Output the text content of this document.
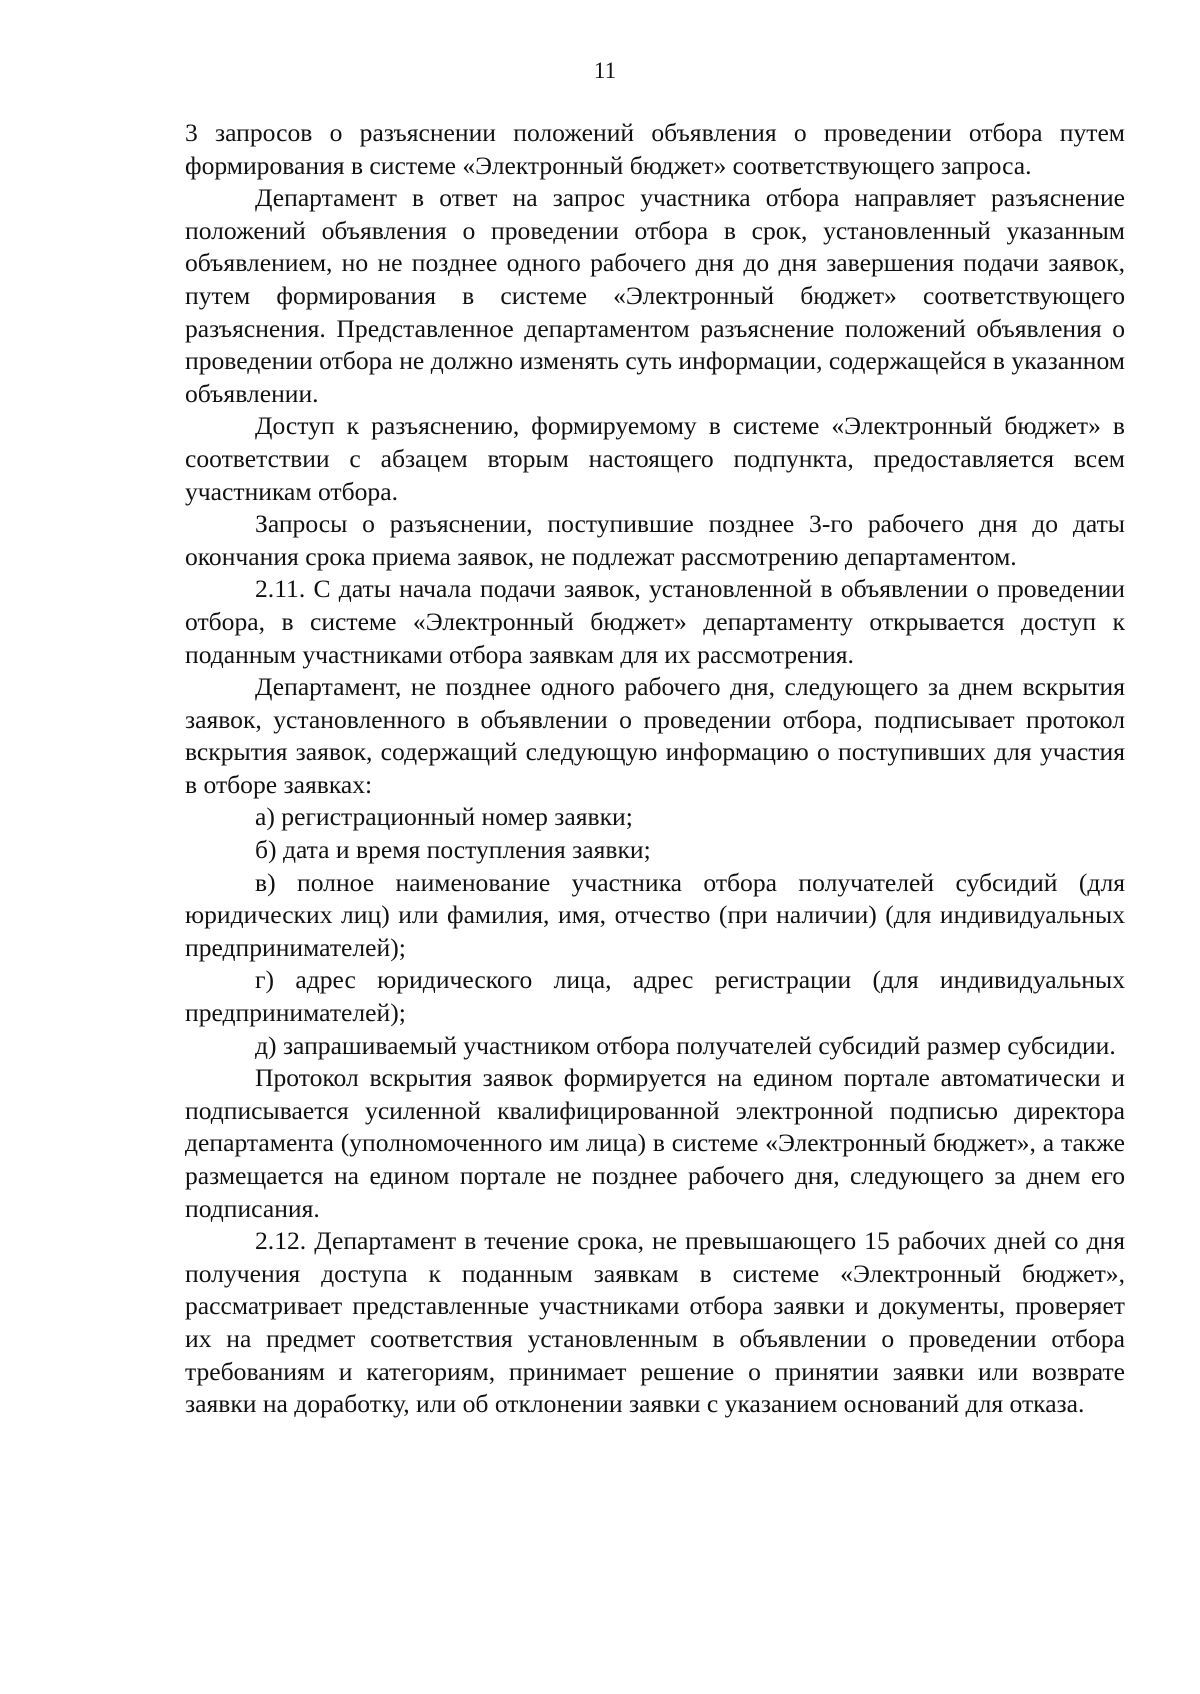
11

3 запросов о разъяснении положений объявления о проведении отбора путем формирования в системе «Электронный бюджет» соответствующего запроса.

Департамент в ответ на запрос участника отбора направляет разъяснение положений объявления о проведении отбора в срок, установленный указанным объявлением, но не позднее одного рабочего дня до дня завершения подачи заявок, путем формирования в системе «Электронный бюджет» соответствующего разъяснения. Представленное департаментом разъяснение положений объявления о проведении отбора не должно изменять суть информации, содержащейся в указанном объявлении.

Доступ к разъяснению, формируемому в системе «Электронный бюджет» в соответствии с абзацем вторым настоящего подпункта, предоставляется всем участникам отбора.

Запросы о разъяснении, поступившие позднее 3-го рабочего дня до даты окончания срока приема заявок, не подлежат рассмотрению департаментом.

2.11. С даты начала подачи заявок, установленной в объявлении о проведении отбора, в системе «Электронный бюджет» департаменту открывается доступ к поданным участниками отбора заявкам для их рассмотрения.

Департамент, не позднее одного рабочего дня, следующего за днем вскрытия заявок, установленного в объявлении о проведении отбора, подписывает протокол вскрытия заявок, содержащий следующую информацию о поступивших для участия в отборе заявках:

а) регистрационный номер заявки;

б) дата и время поступления заявки;

в) полное наименование участника отбора получателей субсидий (для юридических лиц) или фамилия, имя, отчество (при наличии) (для индивидуальных предпринимателей);

г) адрес юридического лица, адрес регистрации (для индивидуальных предпринимателей);

д) запрашиваемый участником отбора получателей субсидий размер субсидии.

Протокол вскрытия заявок формируется на едином портале автоматически и подписывается усиленной квалифицированной электронной подписью директора департамента (уполномоченного им лица) в системе «Электронный бюджет», а также размещается на едином портале не позднее рабочего дня, следующего за днем его подписания.

2.12. Департамент в течение срока, не превышающего 15 рабочих дней со дня получения доступа к поданным заявкам в системе «Электронный бюджет», рассматривает представленные участниками отбора заявки и документы, проверяет их на предмет соответствия установленным в объявлении о проведении отбора требованиям и категориям, принимает решение о принятии заявки или возврате заявки на доработку, или об отклонении заявки с указанием оснований для отказа.
